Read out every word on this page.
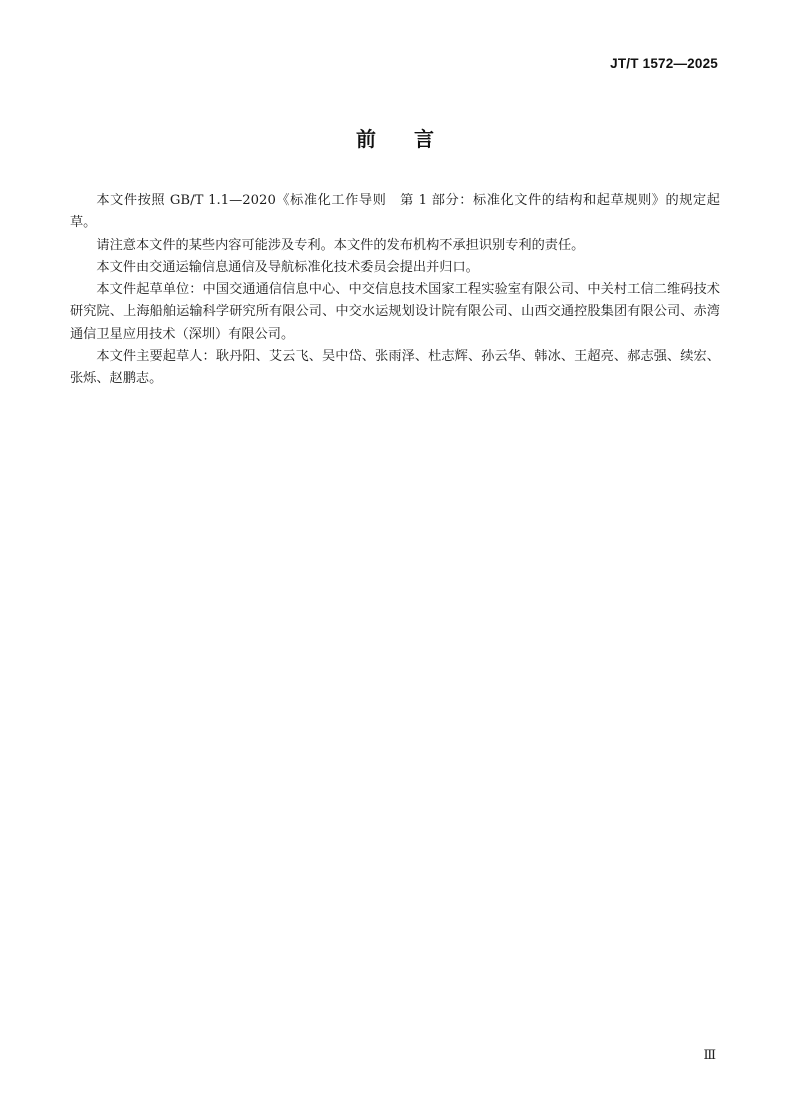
JT/T 1572—2025
前言

本文件按照 GB/T 1.1—2020《标准化工作导则　第 1 部分：标准化文件的结构和起草规则》的规定起草。

请注意本文件的某些内容可能涉及专利。本文件的发布机构不承担识别专利的责任。

本文件由交通运输信息通信及导航标准化技术委员会提出并归口。

本文件起草单位：中国交通通信信息中心、中交信息技术国家工程实验室有限公司、中关村工信二维码技术研究院、上海船舶运输科学研究所有限公司、中交水运规划设计院有限公司、山西交通控股集团有限公司、赤湾通信卫星应用技术（深圳）有限公司。

本文件主要起草人：耿丹阳、艾云飞、吴中岱、张雨泽、杜志辉、孙云华、韩冰、王超亮、郝志强、续宏、张烁、赵鹏志。

Ⅲ
